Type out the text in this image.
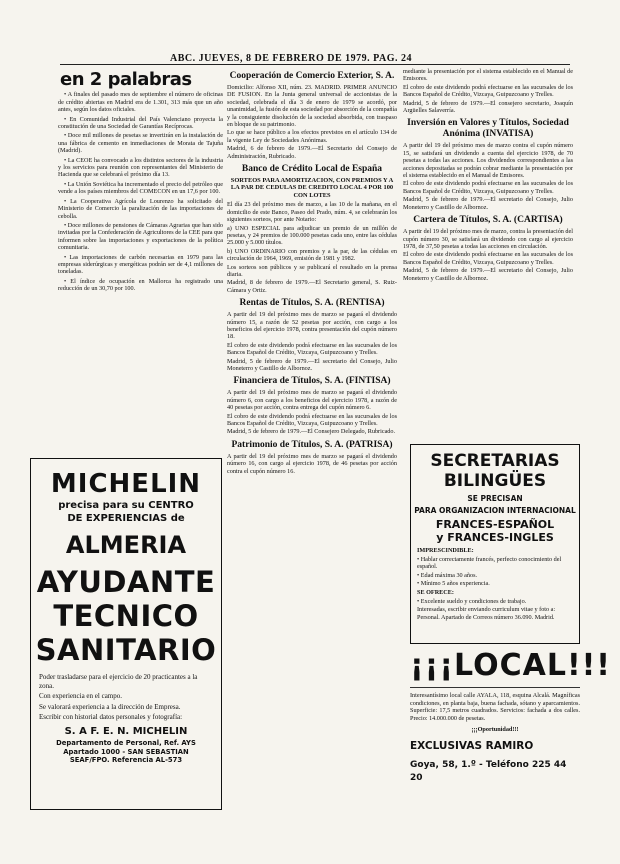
ABC. JUEVES, 8 DE FEBRERO DE 1979. PAG. 24
en 2 palabras

• A finales del pasado mes de septiembre el número de oficinas de crédito abiertas en Madrid era de 1.301, 313 más que un año antes, según los datos oficiales.

• En Comunidad Industrial del País Valenciano proyecta la constitución de una Sociedad de Garantías Recíprocas.

• Doce mil millones de pesetas se invertirán en la instalación de una fábrica de cemento en inmediaciones de Morata de Tajuña (Madrid).

• La CEOE ha convocado a los distintos sectores de la industria y los servicios para reunión con representantes del Ministerio de Hacienda que se celebrará el próximo día 13.

• La Unión Soviética ha incrementado el precio del petróleo que vende a los países miembros del COMECON en un 17,6 por 100.

• La Cooperativa Agrícola de Lourenzo ha solicitado del Ministerio de Comercio la paralización de las importaciones de cebolla.

• Doce millones de pensiones de Cámaras Agrarias que han sido invitadas por la Confederación de Agricultores de la CEE para que informen sobre las importaciones y exportaciones de la política comunitaria.

• Las importaciones de carbón necesarias en 1979 para las empresas siderúrgicas y energéticas podrán ser de 4,1 millones de toneladas.

• El índice de ocupación en Mallorca ha registrado una reducción de un 30,70 por 100.

MICHELIN
precisa para su CENTRO
DE EXPERIENCIAS de
ALMERIA
AYUDANTE
TECNICO
SANITARIO
Poder trasladarse para el ejercicio de 20 practicantes a la zona.
Con experiencia en el campo.
Se valorará experiencia a la dirección de Empresa.
Escribir con historial datos personales y fotografía:
S. A F. E. N. MICHELIN
Departamento de Personal, Ref. AYS
Apartado 1000 - SAN SEBASTIAN
SEAF/FPO. Referencia AL-573
Cooperación de Comercio Exterior, S. A.

Domicilio: Alfonso XII, núm. 23. MADRID. PRIMER ANUNCIO DE FUSION. En la Junta general universal de accionistas de la sociedad, celebrada el día 3 de enero de 1979 se acordó, por unanimidad, la fusión de esta sociedad por absorción de la compañía y la consiguiente disolución de la sociedad absorbida, con traspaso en bloque de su patrimonio.

Lo que se hace público a los efectos previstos en el artículo 134 de la vigente Ley de Sociedades Anónimas.

Madrid, 6 de febrero de 1979.—El Secretario del Consejo de Administración, Rubricado.

Banco de Crédito Local de España
SORTEOS PARA AMORTIZACION, CON PREMIOS Y A LA PAR DE CEDULAS DE CREDITO LOCAL 4 POR 100 CON LOTES

El día 23 del próximo mes de marzo, a las 10 de la mañana, en el domicilio de este Banco, Paseo del Prado, núm. 4, se celebrarán los siguientes sorteos, por ante Notario:

a) UNO ESPECIAL para adjudicar un premio de un millón de pesetas, y 24 premios de 100.000 pesetas cada uno, entre las cédulas 25.000 y 5.000 títulos.

b) UNO ORDINARIO con premios y a la par, de las cédulas en circulación de 1964, 1969, emisión de 1981 y 1982.

Los sorteos son públicos y se publicará el resultado en la prensa diaria.

Madrid, 8 de febrero de 1979.—El Secretario general, S. Ruiz-Cámara y Ortiz.

Rentas de Títulos, S. A. (RENTISA)

A partir del 19 del próximo mes de marzo se pagará el dividendo número 15, a razón de 52 pesetas por acción, con cargo a los beneficios del ejercicio 1978, contra presentación del cupón número 18.

El cobro de este dividendo podrá efectuarse en las sucursales de los Bancos Español de Crédito, Vizcaya, Guipuzcoano y Trelles.

Madrid, 5 de febrero de 1979.—El secretario del Consejo, Julio Moneterro y Castillo de Albornoz.

Financiera de Títulos, S. A. (FINTISA)

A partir del 19 del próximo mes de marzo se pagará el dividendo número 6, con cargo a los beneficios del ejercicio 1978, a razón de 40 pesetas por acción, contra entrega del cupón número 6.

El cobro de este dividendo podrá efectuarse en las sucursales de los Bancos Español de Crédito, Vizcaya, Guipuzcoano y Trelles.

Madrid, 5 de febrero de 1979.—El Consejero Delegado, Rubricado.

Patrimonio de Títulos, S. A. (PATRISA)

A partir del 19 del próximo mes de marzo se pagará el dividendo número 16, con cargo al ejercicio 1978, de 46 pesetas por acción contra el cupón número 16.

mediante la presentación por el sistema establecido en el Manual de Emisores.

El cobro de este dividendo podrá efectuarse en las sucursales de los Bancos Español de Crédito, Vizcaya, Guipuzcoano y Trelles.

Madrid, 5 de febrero de 1979.—El consejero secretario, Joaquín Argüelles Salaverría.

Inversión en Valores y Títulos, Sociedad Anónima (INVATISA)

A partir del 19 del próximo mes de marzo contra el cupón número 15, se satisfará un dividendo a cuenta del ejercicio 1978, de 70 pesetas a todas las acciones. Los dividendos correspondientes a las acciones depositadas se podrán cobrar mediante la presentación por el sistema establecido en el Manual de Emisores.

El cobro de este dividendo podrá efectuarse en las sucursales de los Bancos Español de Crédito, Vizcaya, Guipuzcoano y Trelles.

Madrid, 5 de febrero de 1979.—El secretario del Consejo, Julio Moneterro y Castillo de Albornoz.

Cartera de Títulos, S. A. (CARTISA)

A partir del 19 del próximo mes de marzo, contra la presentación del cupón número 30, se satisfará un dividendo con cargo al ejercicio 1978, de 37,50 pesetas a todas las acciones en circulación.

El cobro de este dividendo podrá efectuarse en las sucursales de los Bancos Español de Crédito, Vizcaya, Guipuzcoano y Trelles.

Madrid, 5 de febrero de 1979.—El secretario del Consejo, Julio Moneterro y Castillo de Albornoz.

SECRETARIAS
BILINGÜES
SE PRECISAN
PARA ORGANIZACION INTERNACIONAL
FRANCES-ESPAÑOL
y FRANCES-INGLES
IMPRESCINDIBLE:
• Hablar correctamente francés, perfecto conocimiento del español.
• Edad máxima 30 años.
• Mínimo 5 años experiencia.
SE OFRECE:
• Excelente sueldo y condiciones de trabajo.
Interesadas, escribir enviando curriculum vitae y foto a: Personal. Apartado de Correos número 36.090. Madrid.
¡¡¡LOCAL!!!
Interesantísimo local calle AYALA, 118, esquina Alcalá. Magníficas condiciones, en planta baja, buena fachada, sótano y aparcamientos. Superficie: 17,5 metros cuadrados. Servicios: fachada a dos calles. Precio: 14.000.000 de pesetas.
¡¡¡Oportunidad!!!
EXCLUSIVAS RAMIRO
Goya, 58, 1.º - Teléfono 225 44 20
